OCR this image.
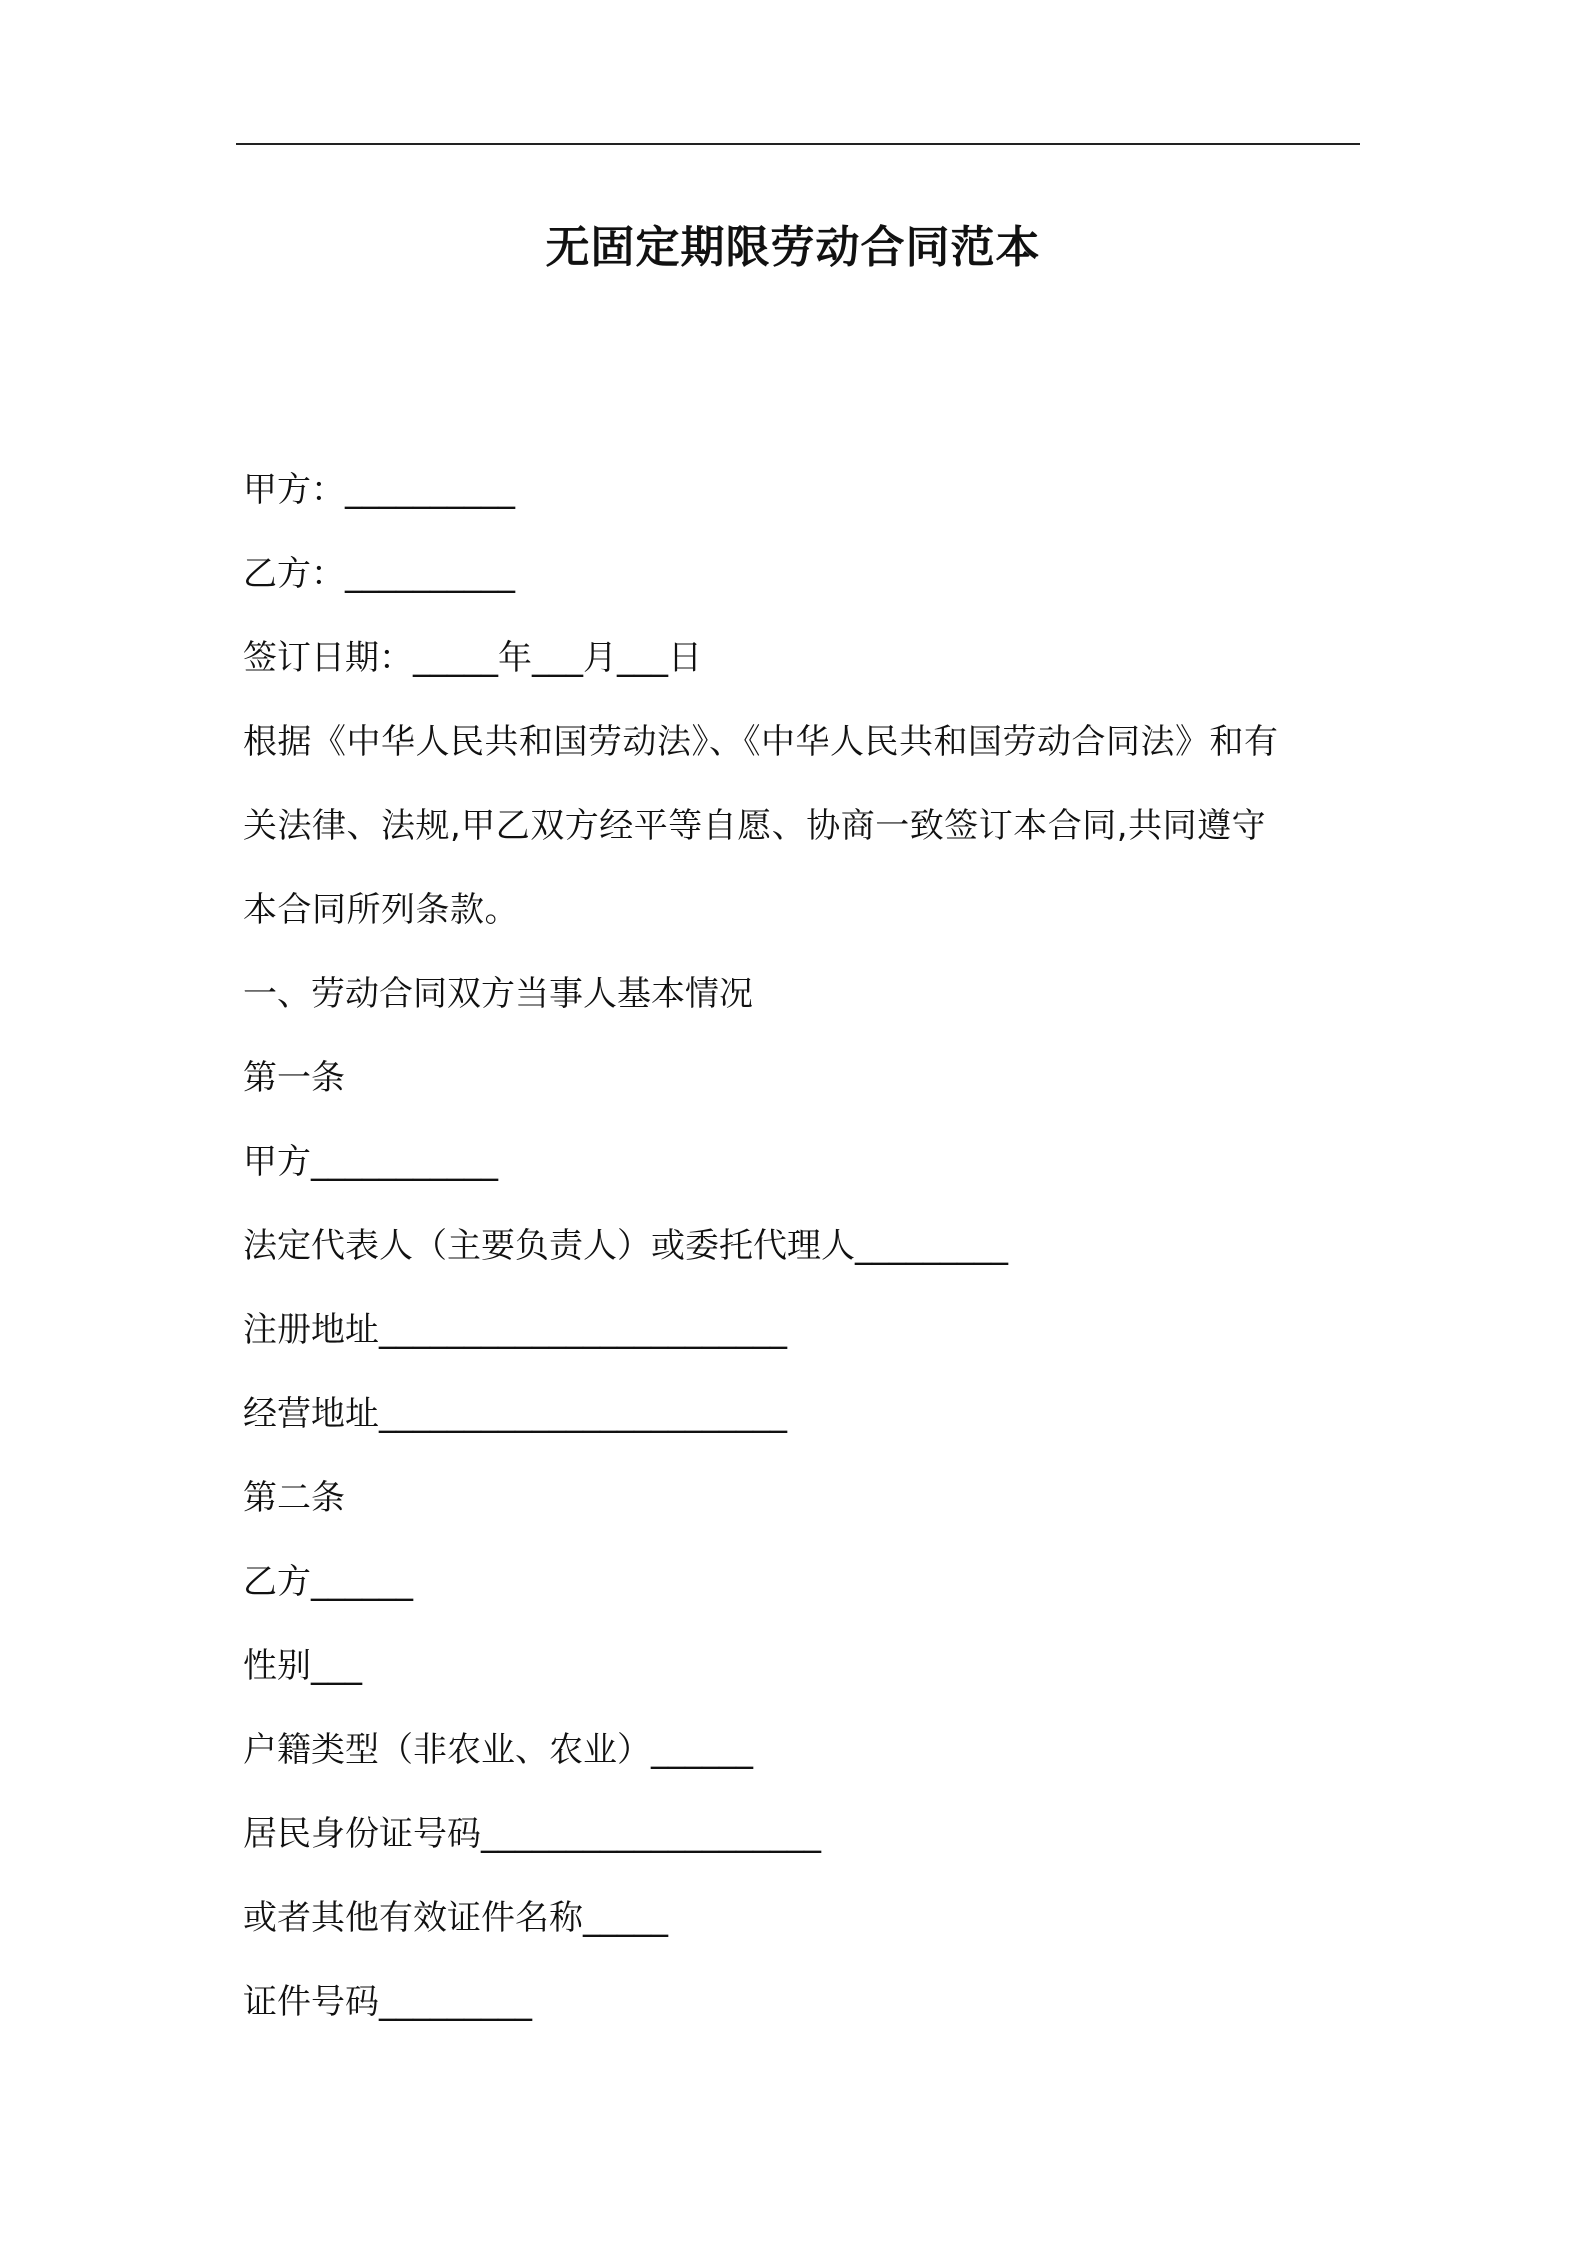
无固定期限劳动合同范本
甲方：__________
乙方：__________
签订日期：_____年___月___日
根据《中华人民共和国劳动法》、《中华人民共和国劳动合同法》和有
关法律、法规,甲乙双方经平等自愿、协商一致签订本合同,共同遵守
本合同所列条款。
一、劳动合同双方当事人基本情况
第一条
甲方___________
法定代表人（主要负责人）或委托代理人_________
注册地址________________________
经营地址________________________
第二条
乙方______
性别___
户籍类型（非农业、农业）______
居民身份证号码____________________
或者其他有效证件名称_____
证件号码_________
